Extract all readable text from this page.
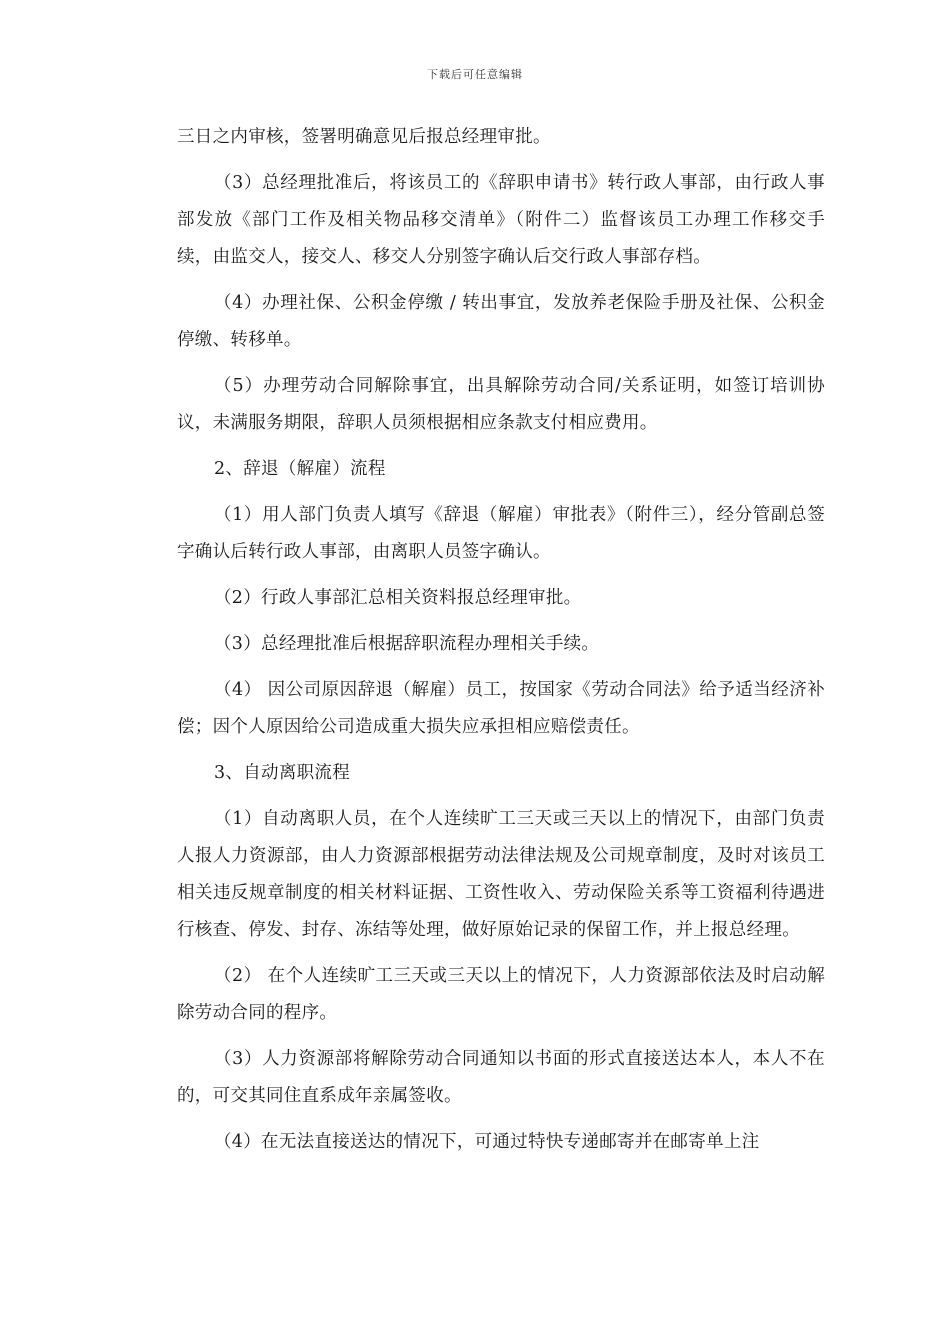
下载后可任意编辑

三日之内审核，签署明确意见后报总经理审批。

（3）总经理批准后，将该员工的《辞职申请书》转行政人事部，由行政人事部发放《部门工作及相关物品移交清单》（附件二）监督该员工办理工作移交手续，由监交人，接交人、移交人分别签字确认后交行政人事部存档。

（4）办理社保、公积金停缴 / 转出事宜，发放养老保险手册及社保、公积金停缴、转移单。

（5）办理劳动合同解除事宜，出具解除劳动合同/关系证明，如签订培训协议，未满服务期限，辞职人员须根据相应条款支付相应费用。

2、辞退（解雇）流程

（1）用人部门负责人填写《辞退（解雇）审批表》（附件三），经分管副总签字确认后转行政人事部，由离职人员签字确认。

（2）行政人事部汇总相关资料报总经理审批。

（3）总经理批准后根据辞职流程办理相关手续。

（4） 因公司原因辞退（解雇）员工，按国家《劳动合同法》给予适当经济补偿；因个人原因给公司造成重大损失应承担相应赔偿责任。

3、自动离职流程

（1）自动离职人员，在个人连续旷工三天或三天以上的情况下，由部门负责人报人力资源部，由人力资源部根据劳动法律法规及公司规章制度，及时对该员工相关违反规章制度的相关材料证据、工资性收入、劳动保险关系等工资福利待遇进行核查、停发、封存、冻结等处理，做好原始记录的保留工作，并上报总经理。

（2） 在个人连续旷工三天或三天以上的情况下，人力资源部依法及时启动解除劳动合同的程序。

（3）人力资源部将解除劳动合同通知以书面的形式直接送达本人，本人不在的，可交其同住直系成年亲属签收。

（4）在无法直接送达的情况下，可通过特快专递邮寄并在邮寄单上注
